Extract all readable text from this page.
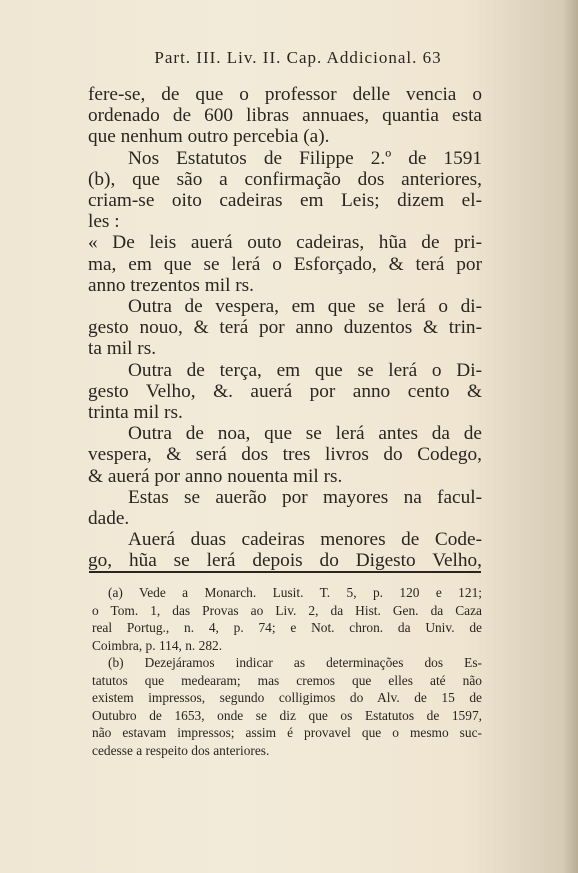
Part. III. Liv. II. Cap. Addicional. 63
fere-se, de que o professor delle vencia o
ordenado de 600 libras annuaes, quantia esta
que nenhum outro percebia (a).
Nos Estatutos de Filippe 2.º de 1591
(b), que são a confirmação dos anteriores,
criam-se oito cadeiras em Leis; dizem el-
les :
« De leis auerá outo cadeiras, hũa de pri-
ma, em que se lerá o Esforçado, & terá por
anno trezentos mil rs.
Outra de vespera, em que se lerá o di-
gesto nouo, & terá por anno duzentos & trin-
ta mil rs.
Outra de terça, em que se lerá o Di-
gesto Velho, &. auerá por anno cento &
trinta mil rs.
Outra de noa, que se lerá antes da de
vespera, & será dos tres livros do Codego,
& auerá por anno nouenta mil rs.
Estas se auerão por mayores na facul-
dade.
Auerá duas cadeiras menores de Code-
go, hũa se lerá depois do Digesto Velho,
(a) Vede a Monarch. Lusit. T. 5, p. 120 e 121;
o Tom. 1, das Provas ao Liv. 2, da Hist. Gen. da Caza
real Portug., n. 4, p. 74; e Not. chron. da Univ. de
Coimbra, p. 114, n. 282.
(b) Dezejáramos indicar as determinações dos Es-
tatutos que medearam; mas cremos que elles até não
existem impressos, segundo colligimos do Alv. de 15 de
Outubro de 1653, onde se diz que os Estatutos de 1597,
não estavam impressos; assim é provavel que o mesmo suc-
cedesse a respeito dos anteriores.
